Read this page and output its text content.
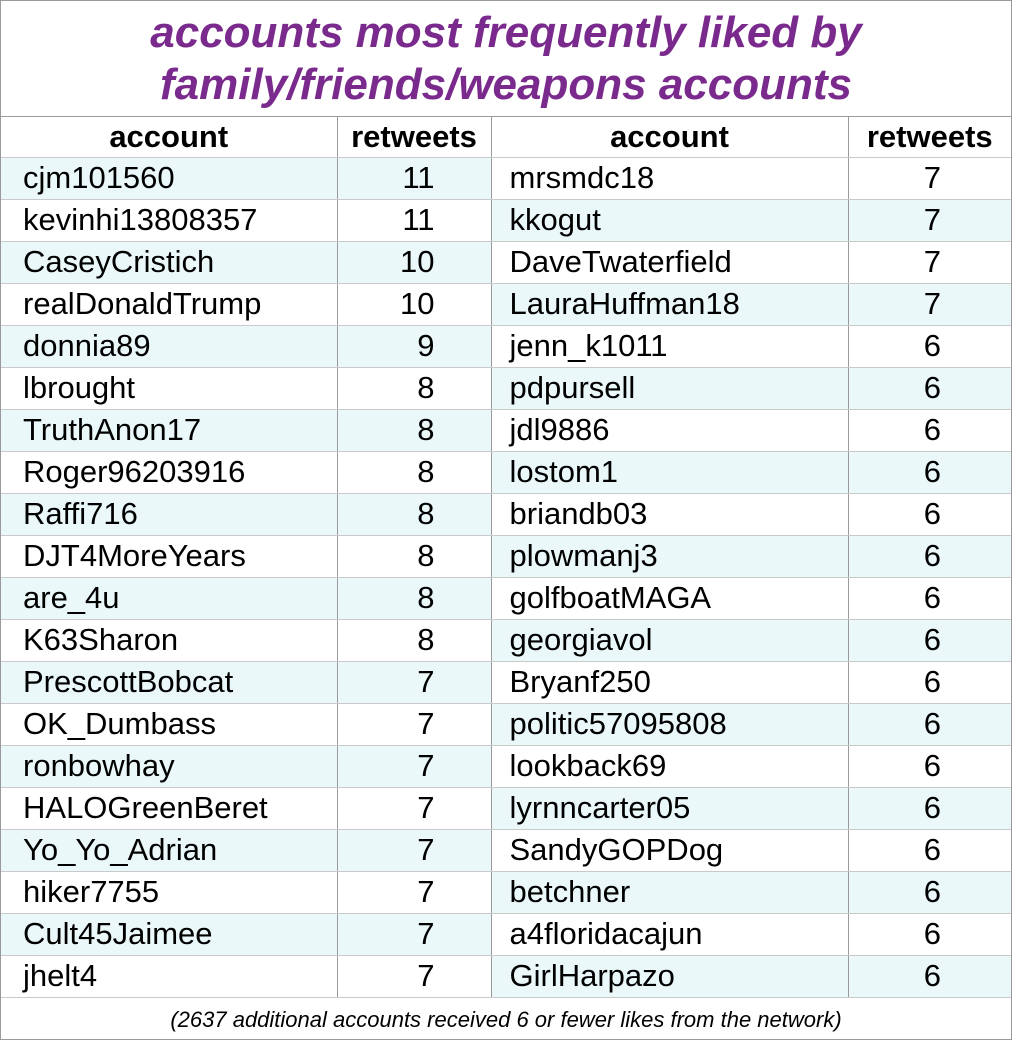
accounts most frequently liked by
family/friends/weapons accounts
account	retweets	account	retweets
cjm101560	11	mrsmdc18	7
kevinhi13808357	11	kkogut	7
CaseyCristich	10	DaveTwaterfield	7
realDonaldTrump	10	LauraHuffman18	7
donnia89	9	jenn_k1011	6
lbrought	8	pdpursell	6
TruthAnon17	8	jdl9886	6
Roger96203916	8	lostom1	6
Raffi716	8	briandb03	6
DJT4MoreYears	8	plowmanj3	6
are_4u	8	golfboatMAGA	6
K63Sharon	8	georgiavol	6
PrescottBobcat	7	Bryanf250	6
OK_Dumbass	7	politic57095808	6
ronbowhay	7	lookback69	6
HALOGreenBeret	7	lyrnncarter05	6
Yo_Yo_Adrian	7	SandyGOPDog	6
hiker7755	7	betchner	6
Cult45Jaimee	7	a4floridacajun	6
jhelt4	7	GirlHarpazo	6
(2637 additional accounts received 6 or fewer likes from the network)
